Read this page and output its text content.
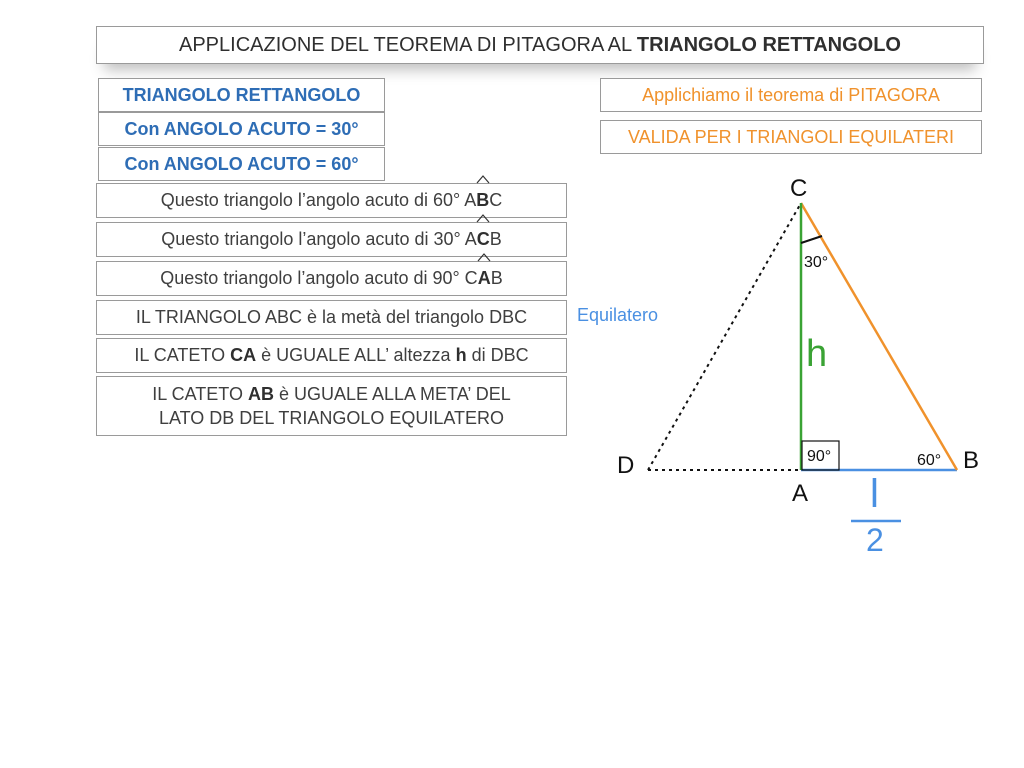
APPLICAZIONE DEL TEOREMA DI PITAGORA AL TRIANGOLO RETTANGOLO
TRIANGOLO RETTANGOLO
Con ANGOLO ACUTO = 30°
Con ANGOLO ACUTO = 60°
Questo triangolo l’angolo acuto di 60° A B C
Questo triangolo l’angolo acuto di 30° A C B
Questo triangolo l’angolo acuto di 90° C A B
IL TRIANGOLO ABC è la metà del triangolo DBC
IL CATETO CA è UGUALE ALL’ altezza h di DBC
IL CATETO AB è UGUALE ALLA META’ DEL
LATO DB DEL TRIANGOLO EQUILATERO
Applichiamo il teorema di PITAGORA
VALIDA PER I TRIANGOLI EQUILATERI
Equilatero
C
30°
h
90°	60° B
D
A l
2
